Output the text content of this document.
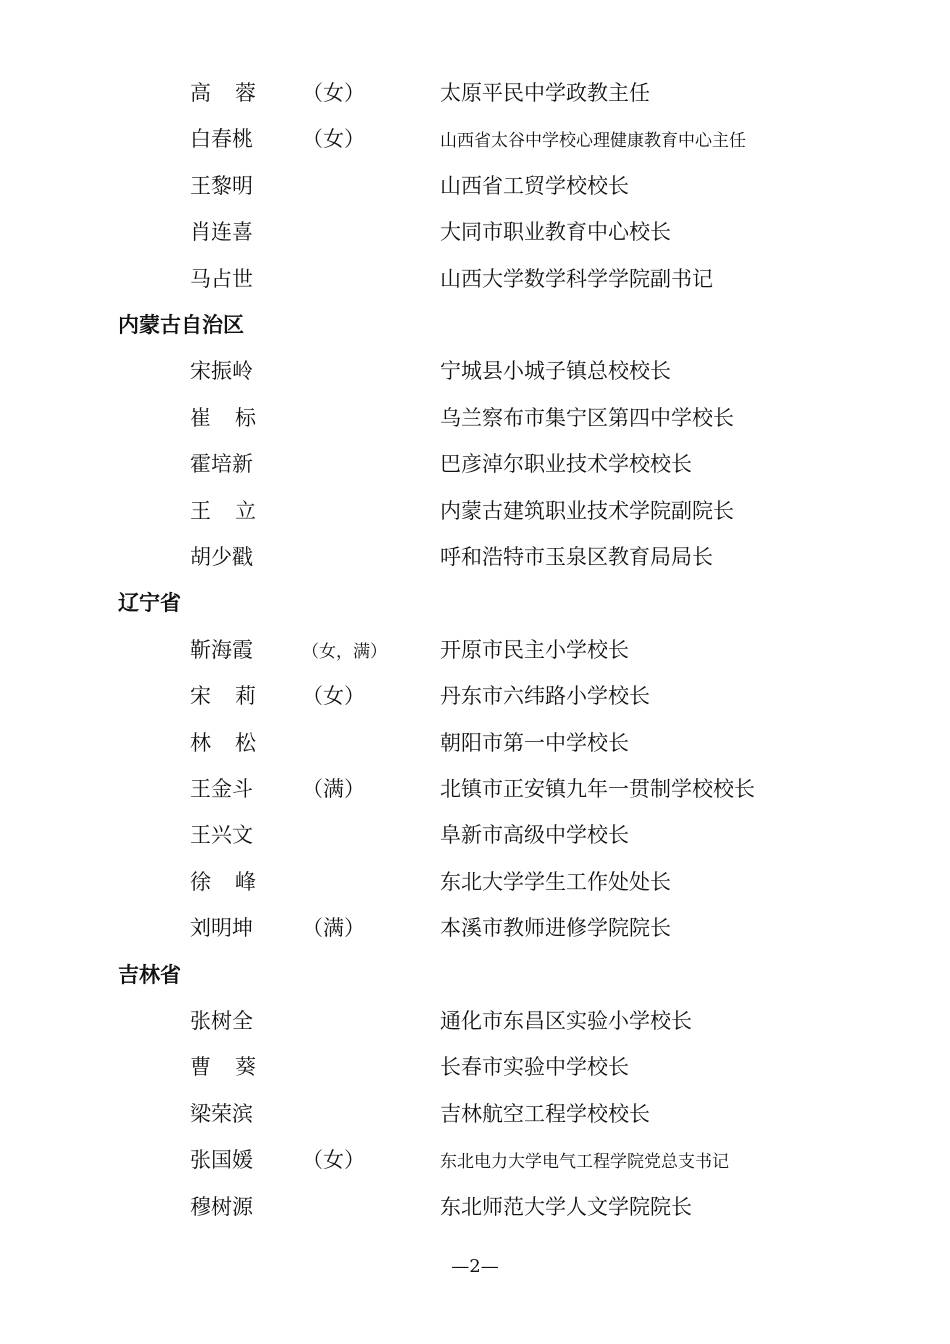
高蓉 （女）	太原平民中学政教主任
白春桃	（女）	山西省太谷中学校心理健康教育中心主任
王黎明	山西省工贸学校校长
肖连喜	大同市职业教育中心校长
马占世	山西大学数学科学学院副书记
内蒙古自治区
宋振岭	宁城县小城子镇总校校长
崔标	乌兰察布市集宁区第四中学校长
霍培新	巴彦淖尔职业技术学校校长
王立	内蒙古建筑职业技术学院副院长
胡少戳	呼和浩特市玉泉区教育局局长
辽宁省
靳海霞	（女，满）	开原市民主小学校长
宋莉 （女）	丹东市六纬路小学校长
林松	朝阳市第一中学校长
王金斗	（满）	北镇市正安镇九年一贯制学校校长
王兴文	阜新市高级中学校长
徐峰	东北大学学生工作处处长
刘明坤	（满）	本溪市教师进修学院院长
吉林省
张树全	通化市东昌区实验小学校长
曹葵	长春市实验中学校长
梁荣滨	吉林航空工程学校校长
张国媛	（女）	东北电力大学电气工程学院党总支书记
穆树源	东北师范大学人文学院院长
—2—
